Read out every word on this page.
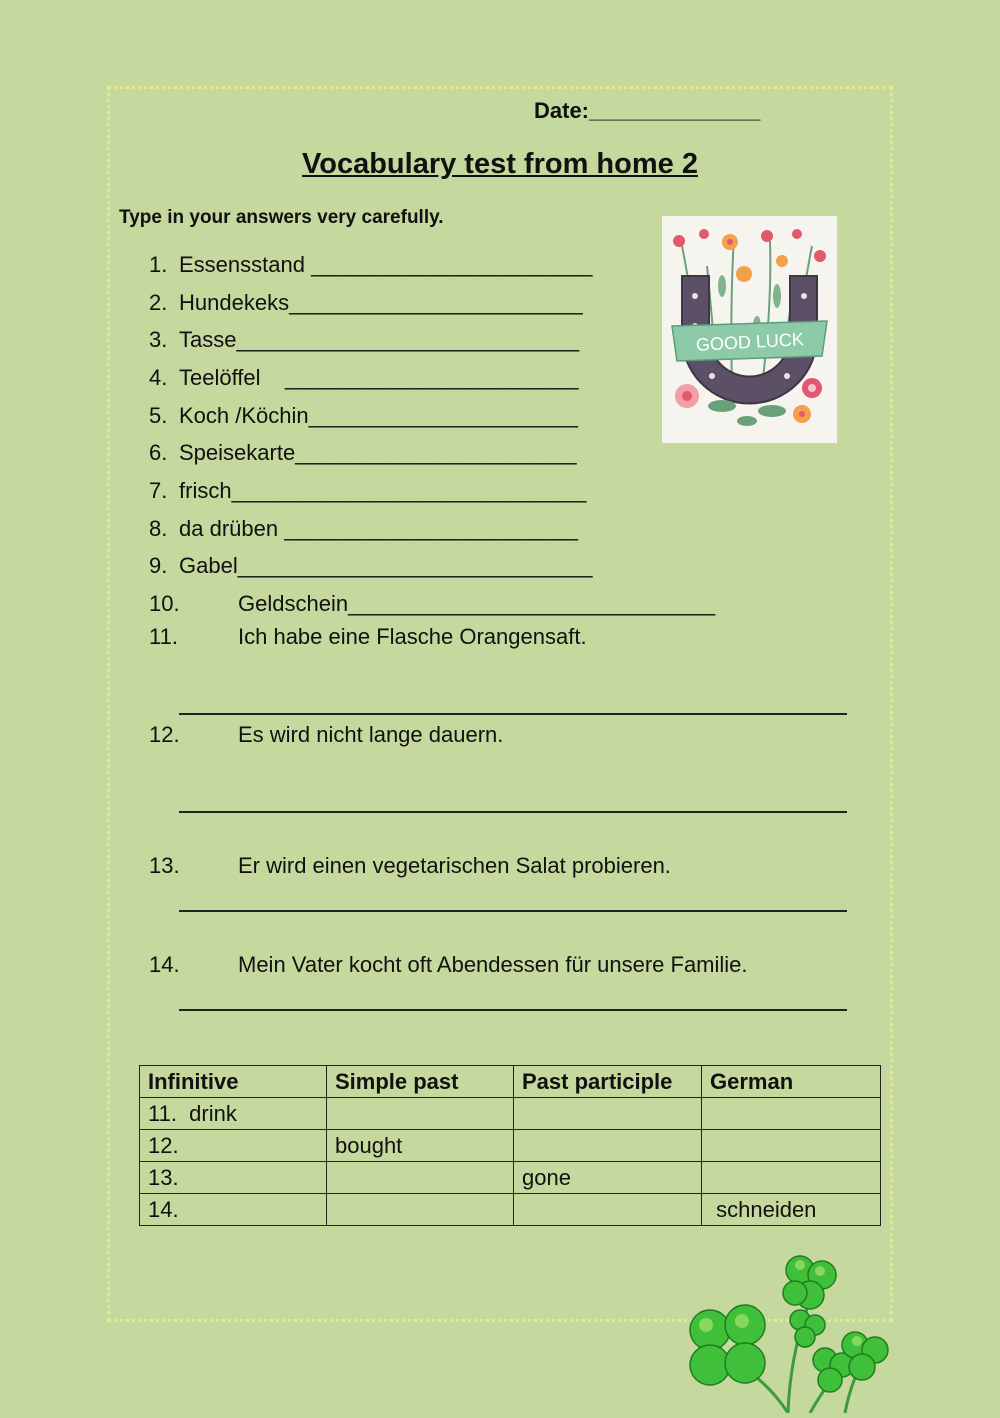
Date:______________
Vocabulary test from home 2
Type in your answers very carefully.
1. Essensstand _______________________
2. Hundekeks________________________
3. Tasse____________________________
4. Teelöffel    ________________________
5. Koch /Köchin______________________
6. Speisekarte_______________________
7. frisch_____________________________
8. da drüben ________________________
9. Gabel_____________________________
10.	Geldschein______________________________
11.	Ich habe eine Flasche Orangensaft.
12.	Es wird nicht lange dauern.
13.	Er wird einen vegetarischen Salat probieren.
14.	Mein Vater kocht oft Abendessen für unsere Familie.
GOOD LUCK
Infinitive	Simple past	Past participle	German
11.  drink			
12.	bought		
13.		gone	
14.			schneiden
